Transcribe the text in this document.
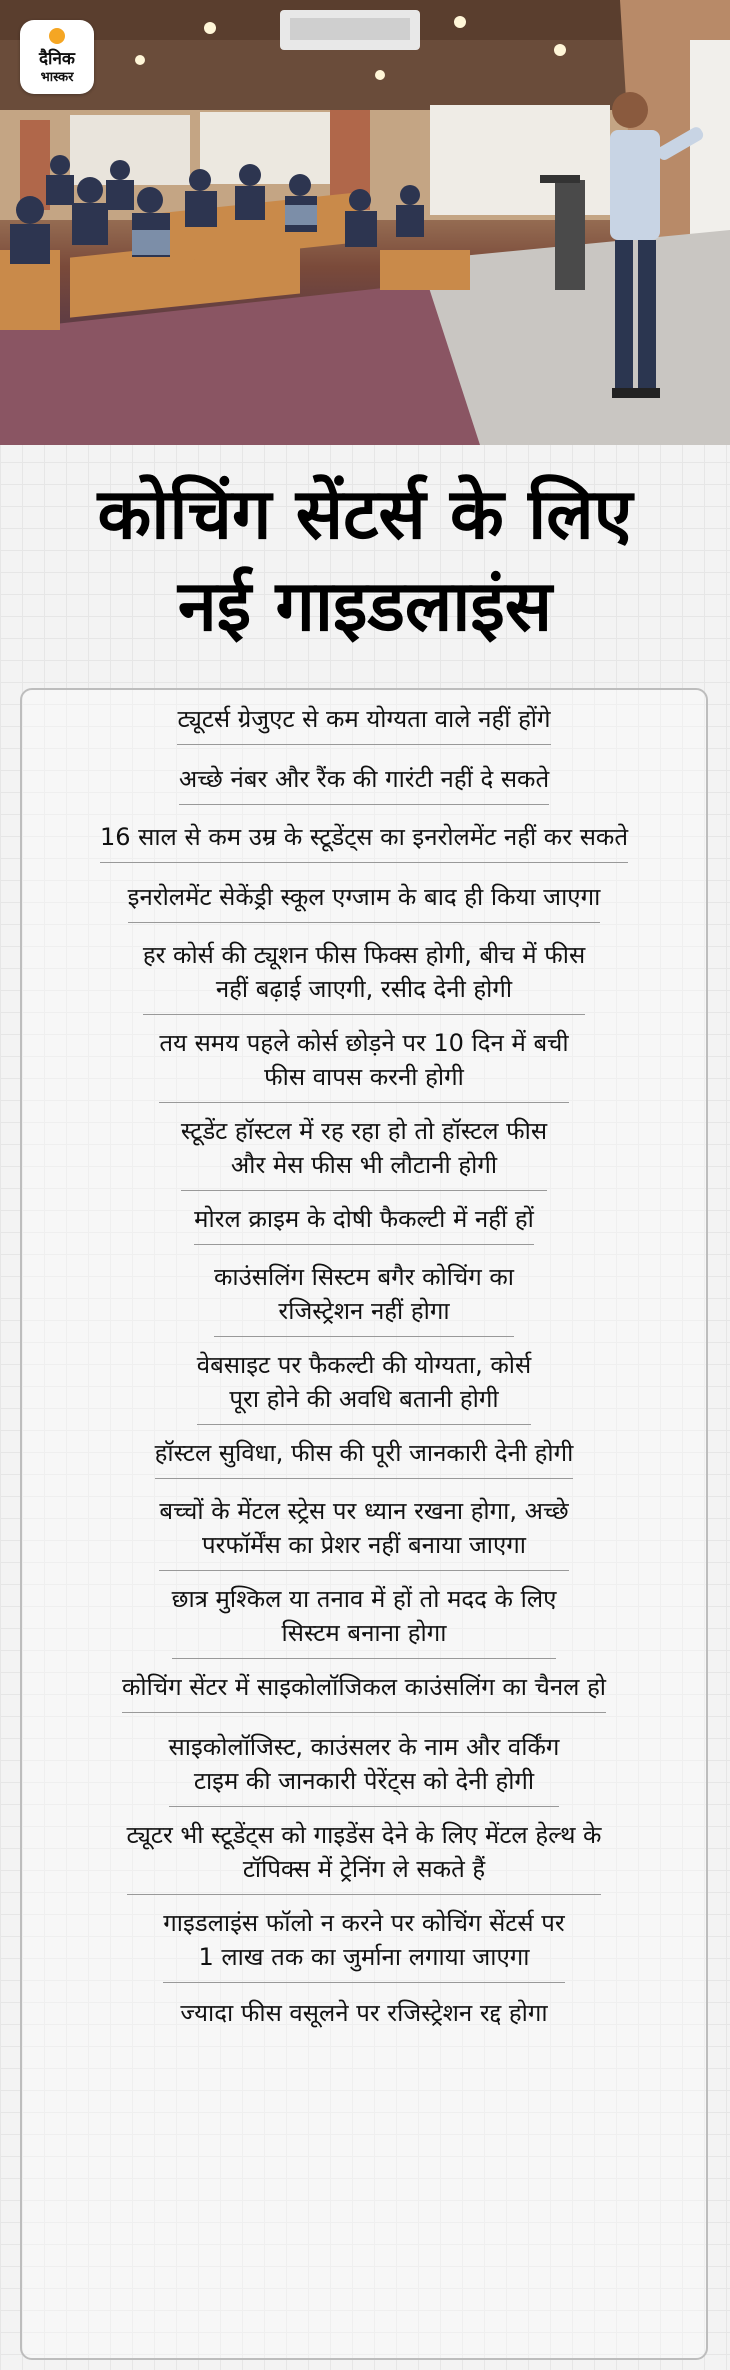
दैनिक
भास्कर
कोचिंग सेंटर्स के लिए
नई गाइडलाइंस
ट्यूटर्स ग्रेजुएट से कम योग्यता वाले नहीं होंगे
अच्छे नंबर और रैंक की गारंटी नहीं दे सकते
16 साल से कम उम्र के स्टूडेंट्स का इनरोलमेंट नहीं कर सकते
इनरोलमेंट सेकेंड्री स्कूल एग्जाम के बाद ही किया जाएगा
हर कोर्स की ट्यूशन फीस फिक्स होगी, बीच में फीस
नहीं बढ़ाई जाएगी, रसीद देनी होगी
तय समय पहले कोर्स छोड़ने पर 10 दिन में बची
फीस वापस करनी होगी
स्टूडेंट हॉस्टल में रह रहा हो तो हॉस्टल फीस
और मेस फीस भी लौटानी होगी
मोरल क्राइम के दोषी फैकल्टी में नहीं हों
काउंसलिंग सिस्टम बगैर कोचिंग का
रजिस्ट्रेशन नहीं होगा
वेबसाइट पर फैकल्टी की योग्यता, कोर्स
पूरा होने की अवधि बतानी होगी
हॉस्टल सुविधा, फीस की पूरी जानकारी देनी होगी
बच्चों के मेंटल स्ट्रेस पर ध्यान रखना होगा, अच्छे
परफॉर्मेंस का प्रेशर नहीं बनाया जाएगा
छात्र मुश्किल या तनाव में हों तो मदद के लिए
सिस्टम बनाना होगा
कोचिंग सेंटर में साइकोलॉजिकल काउंसलिंग का चैनल हो
साइकोलॉजिस्ट, काउंसलर के नाम और वर्किंग
टाइम की जानकारी पेरेंट्स को देनी होगी
ट्यूटर भी स्टूडेंट्स को गाइडेंस देने के लिए मेंटल हेल्थ के
टॉपिक्स में ट्रेनिंग ले सकते हैं
गाइडलाइंस फॉलो न करने पर कोचिंग सेंटर्स पर
1 लाख तक का जुर्माना लगाया जाएगा
ज्यादा फीस वसूलने पर रजिस्ट्रेशन रद्द होगा
